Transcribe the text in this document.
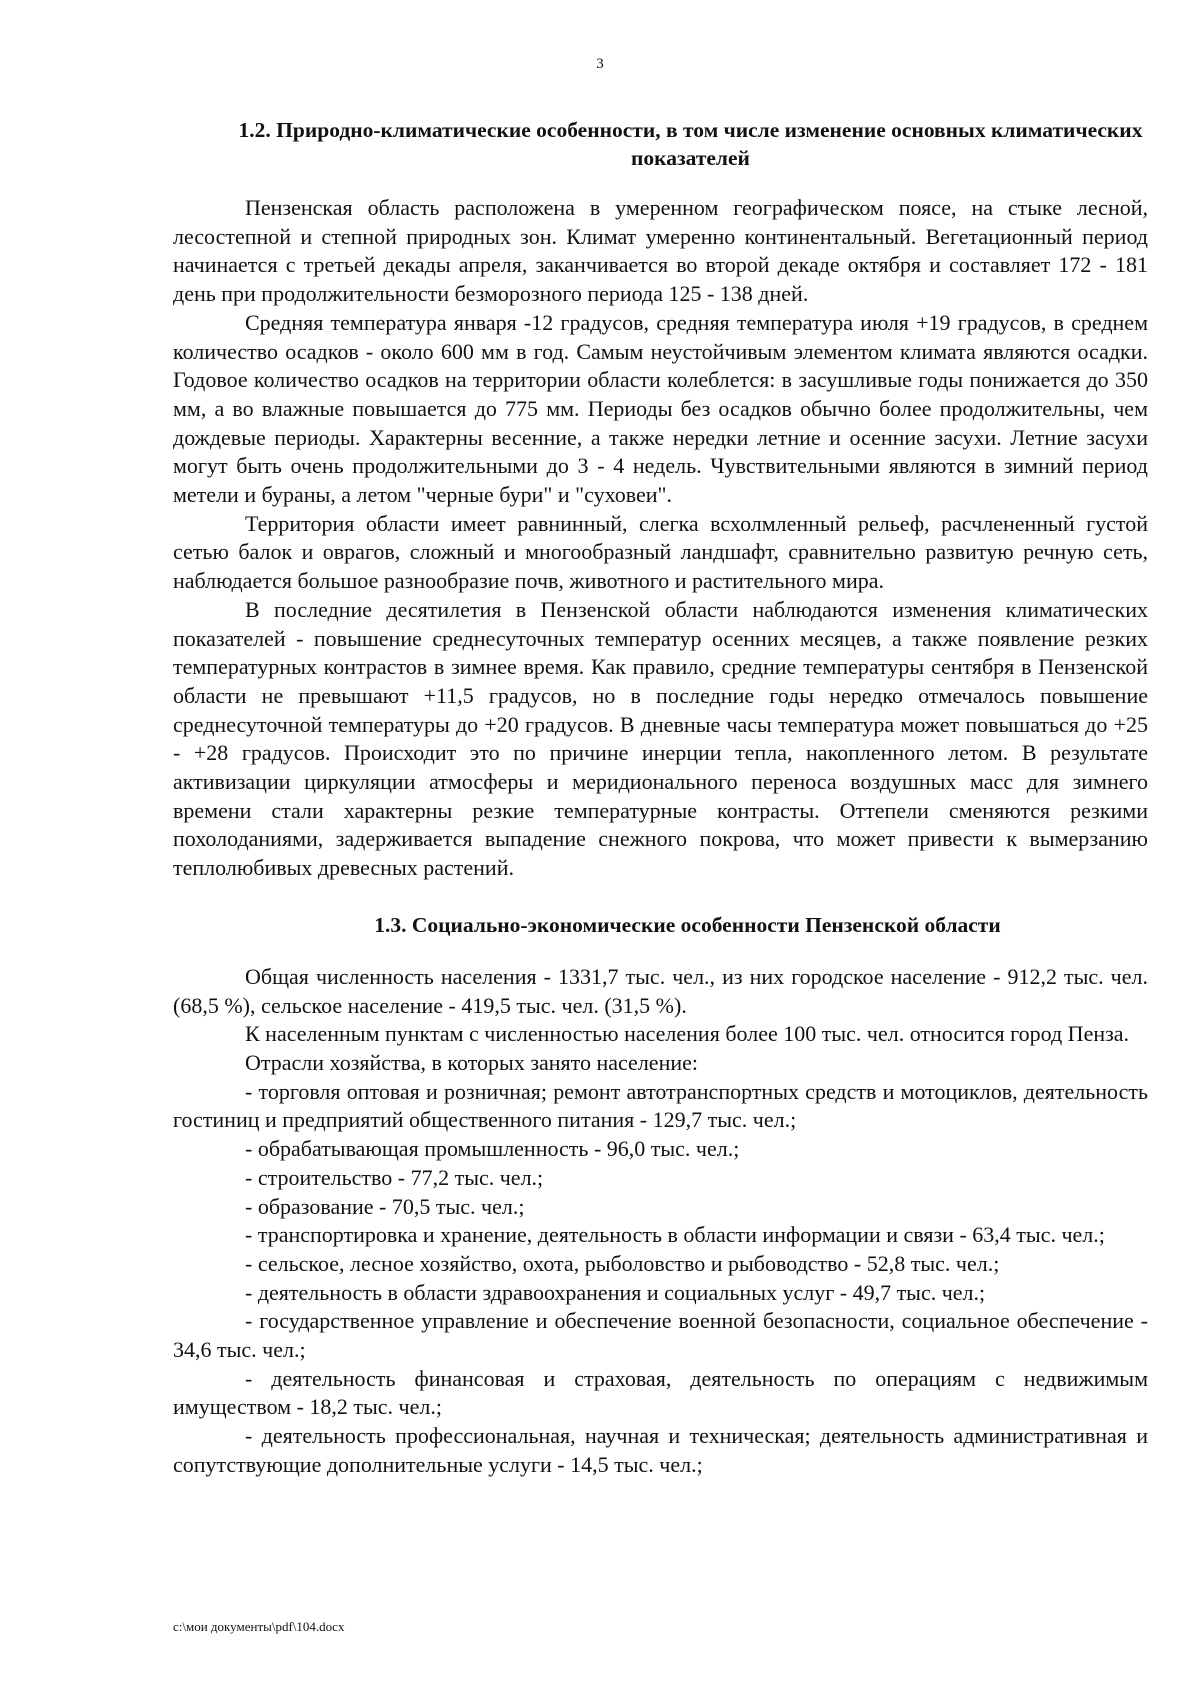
3
1.2. Природно-климатические особенности, в том числе изменение основных климатических показателей

Пензенская область расположена в умеренном географическом поясе, на стыке лесной, лесостепной и степной природных зон. Климат умеренно континентальный. Вегетационный период начинается с третьей декады апреля, заканчивается во второй декаде октября и составляет 172 - 181 день при продолжительности безморозного периода 125 - 138 дней.

Средняя температура января -12 градусов, средняя температура июля +19 градусов, в среднем количество осадков - около 600 мм в год. Самым неустойчивым элементом климата являются осадки. Годовое количество осадков на территории области колеблется: в засушливые годы понижается до 350 мм, а во влажные повышается до 775 мм. Периоды без осадков обычно более продолжительны, чем дождевые периоды. Характерны весенние, а также нередки летние и осенние засухи. Летние засухи могут быть очень продолжительными до 3 - 4 недель. Чувствительными являются в зимний период метели и бураны, а летом "черные бури" и "суховеи".

Территория области имеет равнинный, слегка всхолмленный рельеф, расчлененный густой сетью балок и оврагов, сложный и многообразный ландшафт, сравнительно развитую речную сеть, наблюдается большое разнообразие почв, животного и растительного мира.

В последние десятилетия в Пензенской области наблюдаются изменения климатических показателей - повышение среднесуточных температур осенних месяцев, а также появление резких температурных контрастов в зимнее время. Как правило, средние температуры сентября в Пензенской области не превышают +11,5 градусов, но в последние годы нередко отмечалось повышение среднесуточной температуры до +20 градусов. В дневные часы температура может повышаться до +25 - +28 градусов. Происходит это по причине инерции тепла, накопленного летом. В результате активизации циркуляции атмосферы и меридионального переноса воздушных масс для зимнего времени стали характерны резкие температурные контрасты. Оттепели сменяются резкими похолоданиями, задерживается выпадение снежного покрова, что может привести к вымерзанию теплолюбивых древесных растений.

1.3. Социально-экономические особенности Пензенской области

Общая численность населения - 1331,7 тыс. чел., из них городское население - 912,2 тыс. чел. (68,5 %), сельское население - 419,5 тыс. чел. (31,5 %).

К населенным пунктам с численностью населения более 100 тыс. чел. относится город Пенза.

Отрасли хозяйства, в которых занято население:

- торговля оптовая и розничная; ремонт автотранспортных средств и мотоциклов, деятельность гостиниц и предприятий общественного питания - 129,7 тыс. чел.;

- обрабатывающая промышленность - 96,0 тыс. чел.;

- строительство - 77,2 тыс. чел.;

- образование - 70,5 тыс. чел.;

- транспортировка и хранение, деятельность в области информации и связи - 63,4 тыс. чел.;

- сельское, лесное хозяйство, охота, рыболовство и рыбоводство - 52,8 тыс. чел.;

- деятельность в области здравоохранения и социальных услуг - 49,7 тыс. чел.;

- государственное управление и обеспечение военной безопасности, социальное обеспечение - 34,6 тыс. чел.;

- деятельность финансовая и страховая, деятельность по операциям с недвижимым имуществом - 18,2 тыс. чел.;

- деятельность профессиональная, научная и техническая; деятельность административная и сопутствующие дополнительные услуги - 14,5 тыс. чел.;

c:\мои документы\pdf\104.docx
